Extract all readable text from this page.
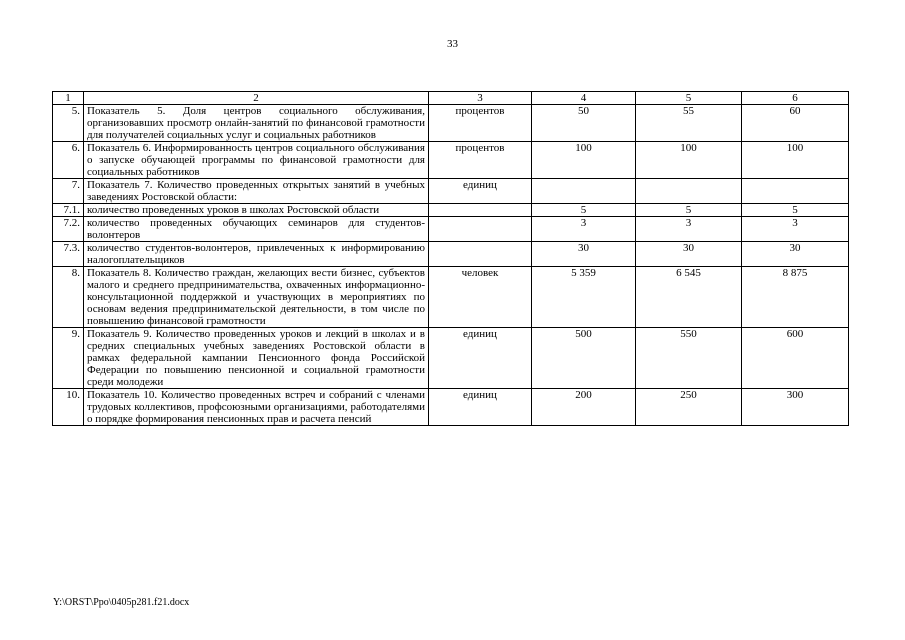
33
1	2	3	4	5	6
5.	Показатель 5. Доля центров социального обслуживания, организовавших просмотр онлайн-занятий по финансовой грамотности для получателей социальных услуг и социальных работников	процентов	50	55	60
6.	Показатель 6. Информированность центров социального обслуживания о запуске обучающей программы по финансовой грамотности для социальных работников	процентов	100	100	100
7.	Показатель 7. Количество проведенных открытых занятий в учебных заведениях Ростовской области:	единиц			
7.1.	количество проведенных уроков в школах Ростовской области		5	5	5
7.2.	количество проведенных обучающих семинаров для студентов-волонтеров		3	3	3
7.3.	количество студентов-волонтеров, привлеченных к информированию налогоплательщиков		30	30	30
8.	Показатель 8. Количество граждан, желающих вести бизнес, субъектов малого и среднего предпринимательства, охваченных информационно-консультационной поддержкой и участвующих в мероприятиях по основам ведения предпринимательской деятельности, в том числе по повышению финансовой грамотности	человек	5 359	6 545	8 875
9.	Показатель 9. Количество проведенных уроков и лекций в школах и в средних специальных учебных заведениях Ростовской области в рамках федеральной кампании Пенсионного фонда Российской Федерации по повышению пенсионной и социальной грамотности среди молодежи	единиц	500	550	600
10.	Показатель 10. Количество проведенных встреч и собраний с членами трудовых коллективов, профсоюзными организациями, работодателями о порядке формирования пенсионных прав и расчета пенсий	единиц	200	250	300
Y:\ORST\Ppo\0405p281.f21.docx
